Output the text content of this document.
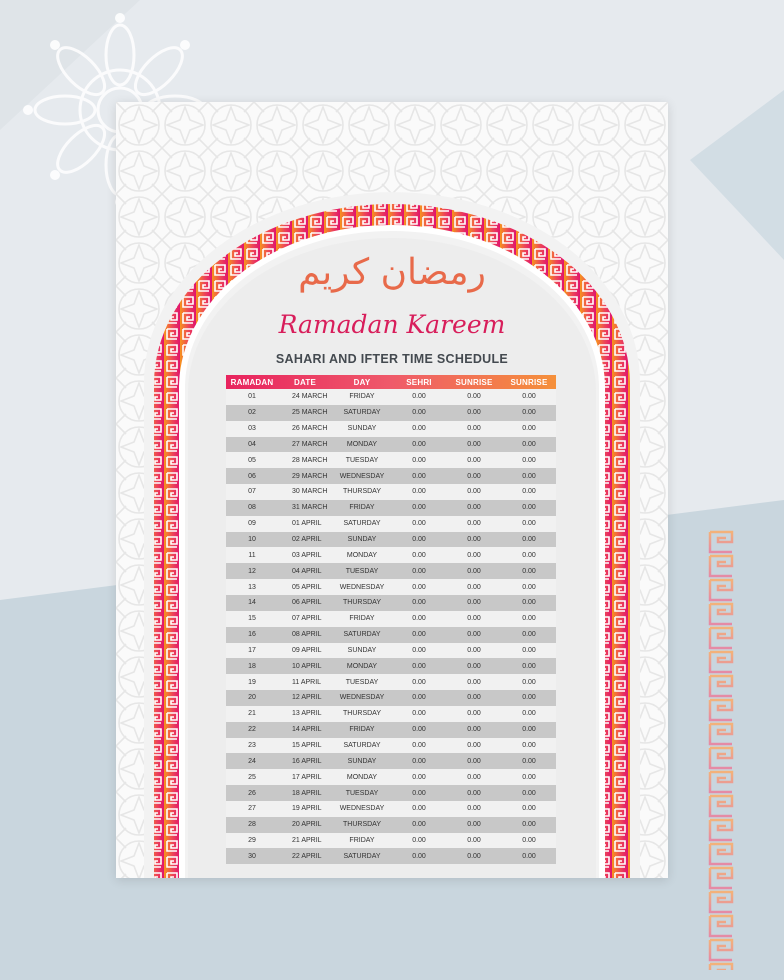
رمضان كريم
Ramadan Kareem
SAHARI AND IFTER TIME SCHEDULE
RAMADAN	DATE	DAY	SEHRI	SUNRISE	SUNRISE
01	24 MARCH	FRIDAY	0.00	0.00	0.00
02	25 MARCH	SATURDAY	0.00	0.00	0.00
03	26 MARCH	SUNDAY	0.00	0.00	0.00
04	27 MARCH	MONDAY	0.00	0.00	0.00
05	28 MARCH	TUESDAY	0.00	0.00	0.00
06	29 MARCH	WEDNESDAY	0.00	0.00	0.00
07	30 MARCH	THURSDAY	0.00	0.00	0.00
08	31 MARCH	FRIDAY	0.00	0.00	0.00
09	01 APRIL	SATURDAY	0.00	0.00	0.00
10	02 APRIL	SUNDAY	0.00	0.00	0.00
11	03 APRIL	MONDAY	0.00	0.00	0.00
12	04 APRIL	TUESDAY	0.00	0.00	0.00
13	05 APRIL	WEDNESDAY	0.00	0.00	0.00
14	06 APRIL	THURSDAY	0.00	0.00	0.00
15	07 APRIL	FRIDAY	0.00	0.00	0.00
16	08 APRIL	SATURDAY	0.00	0.00	0.00
17	09 APRIL	SUNDAY	0.00	0.00	0.00
18	10 APRIL	MONDAY	0.00	0.00	0.00
19	11 APRIL	TUESDAY	0.00	0.00	0.00
20	12 APRIL	WEDNESDAY	0.00	0.00	0.00
21	13 APRIL	THURSDAY	0.00	0.00	0.00
22	14 APRIL	FRIDAY	0.00	0.00	0.00
23	15 APRIL	SATURDAY	0.00	0.00	0.00
24	16 APRIL	SUNDAY	0.00	0.00	0.00
25	17 APRIL	MONDAY	0.00	0.00	0.00
26	18 APRIL	TUESDAY	0.00	0.00	0.00
27	19 APRIL	WEDNESDAY	0.00	0.00	0.00
28	20 APRIL	THURSDAY	0.00	0.00	0.00
29	21 APRIL	FRIDAY	0.00	0.00	0.00
30	22 APRIL	SATURDAY	0.00	0.00	0.00
